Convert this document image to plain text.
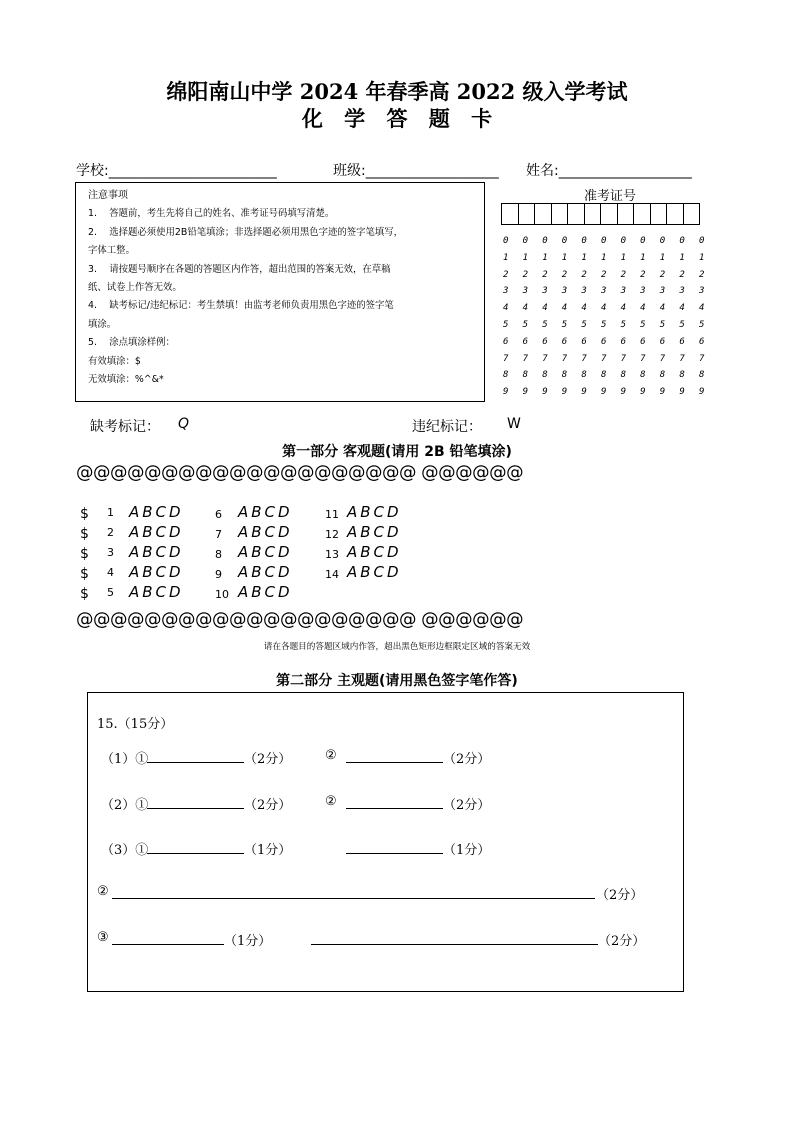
绵阳南山中学 2024 年春季高 2022 级入学考试
化 学 答 题 卡
学校:________________________	班级:___________________ 姓名:___________________
注意事项
1.　 答题前，考生先将自己的姓名、准考证号码填写清楚。
2.　 选择题必须使用2B铅笔填涂；非选择题必须用黑色字迹的签字笔填写，
字体工整。
3.　 请按题号顺序在各题的答题区内作答，超出范围的答案无效，在草稿
纸、试卷上作答无效。
4.　 缺考标记/违纪标记：考生禁填！由监考老师负责用黑色字迹的签字笔
填涂。
5.　 涂点填涂样例：
有效填涂：$
无效填涂：%^&*
准考证号
0	0	0	0	0	0	0	0	0	0	0
1	1	1	1	1	1	1	1	1	1	1
2	2	2	2	2	2	2	2	2	2	2
3	3	3	3	3	3	3	3	3	3	3
4	4	4	4	4	4	4	4	4	4	4
5	5	5	5	5	5	5	5	5	5	5
6	6	6	6	6	6	6	6	6	6	6
7	7	7	7	7	7	7	7	7	7	7
8	8	8	8	8	8	8	8	8	8	8
9	9	9	9	9	9	9	9	9	9	9
缺考标记： Q	违纪标记： W
第一部分 客观题(请用 2B 铅笔填涂)
@@@@@@@@@@@@@@@@@@@@ @@@@@@
$ 1 ABCD
$ 2 ABCD
$ 3 ABCD
$ 4 ABCD
$ 5 ABCD
6 ABCD
7 ABCD
8 ABCD
9 ABCD
10 ABCD
11 ABCD
12 ABCD
13 ABCD
14 ABCD
@@@@@@@@@@@@@@@@@@@@ @@@@@@
请在各题目的答题区域内作答，超出黑色矩形边框限定区域的答案无效
第二部分 主观题(请用黑色签字笔作答)
15.（15分）
（1）①	（2分）	②	（2分）
（2）①	（2分）	②	（2分）
（3）①	（1分）	（1分）
②	（2分）
③	（1分）	（2分）
